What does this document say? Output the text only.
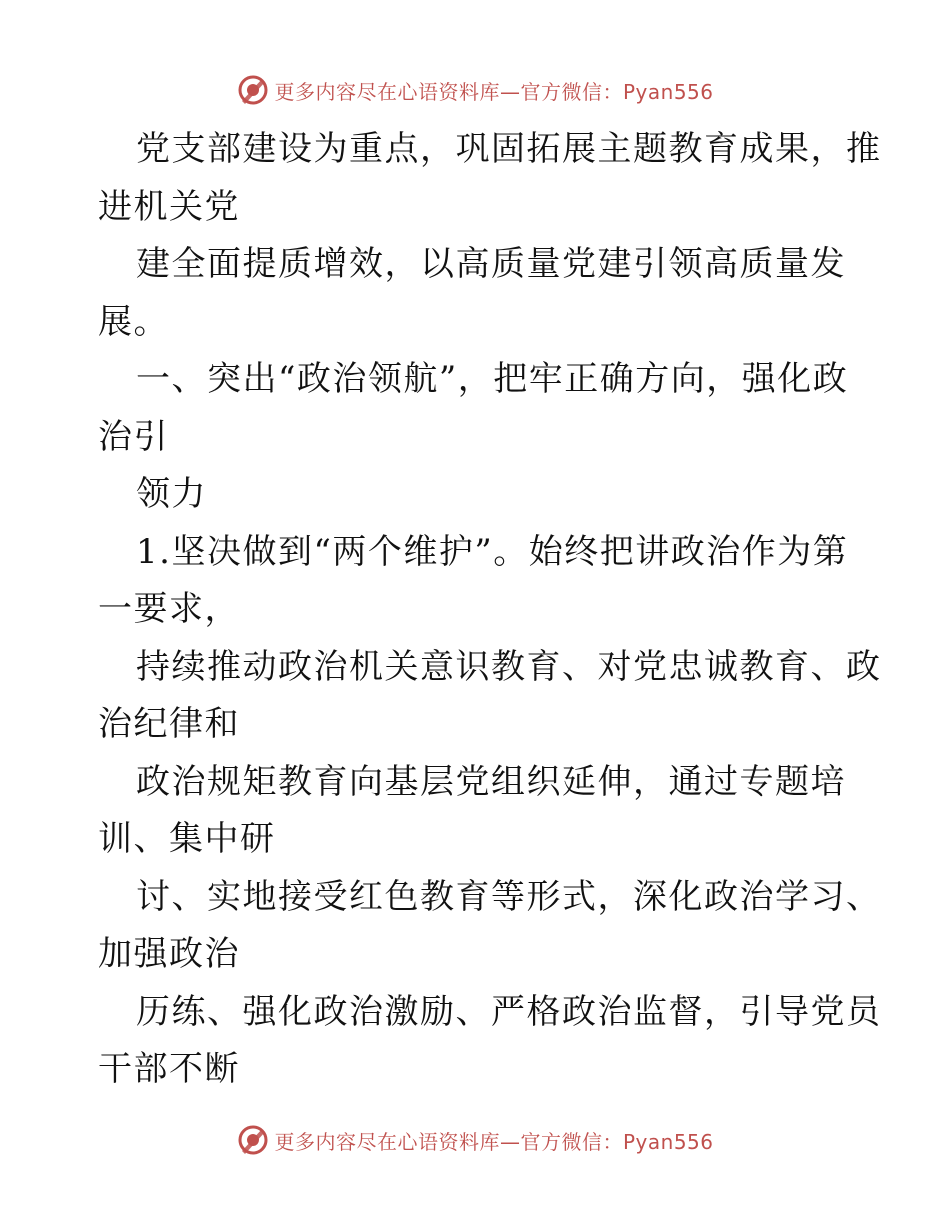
更多内容尽在心语资料库—官方微信：Pyan556
党支部建设为重点，巩固拓展主题教育成果，推
进机关党
建全面提质增效，以高质量党建引领高质量发
展。
一、突出“政治领航”，把牢正确方向，强化政
治引
领力
1.坚决做到“两个维护”。始终把讲政治作为第
一要求，
持续推动政治机关意识教育、对党忠诚教育、政
治纪律和
政治规矩教育向基层党组织延伸，通过专题培
训、集中研
讨、实地接受红色教育等形式，深化政治学习、
加强政治
历练、强化政治激励、严格政治监督，引导党员
干部不断
更多内容尽在心语资料库—官方微信：Pyan556
